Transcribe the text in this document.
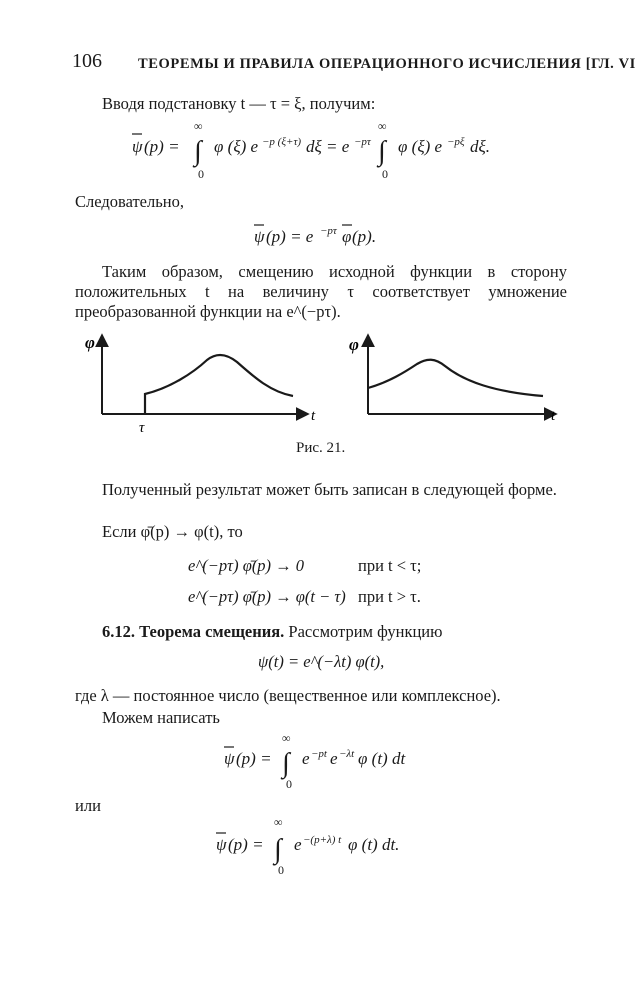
106 ТЕОРЕМЫ И ПРАВИЛА ОПЕРАЦИОННОГО ИСЧИСЛЕНИЯ [ГЛ. VI
Вводя подстановку t — τ = ξ, получим:
ψ (p) = ∫
∞
0
φ (ξ) e −p (ξ+τ) dξ = e −pτ ∫
∞
0
φ (ξ) e −pξ dξ.
Следовательно,
ψ (p) = e −pτ φ (p).
Таким образом, смещению исходной функции в сторону положительных t на величину τ соответствует умножение преобразованной функции на e^(−pτ).
φ
t
τ
φ
t
Рис. 21.
Полученный результат может быть записан в следующей форме.
Если φ̄(p) → φ(t), то
e^(−pτ) φ̄(p) → 0	при t < τ;
e^(−pτ) φ̄(p) → φ(t − τ) при t > τ.
6.12. Теорема смещения. Рассмотрим функцию
ψ(t) = e^(−λt) φ(t),
где λ — постоянное число (вещественное или комплексное).
Можем написать
ψ (p) = ∫
∞
0
e −pt e −λt φ (t) dt
или
ψ (p) = ∫
∞
0
e −(p+λ) t φ (t) dt.
